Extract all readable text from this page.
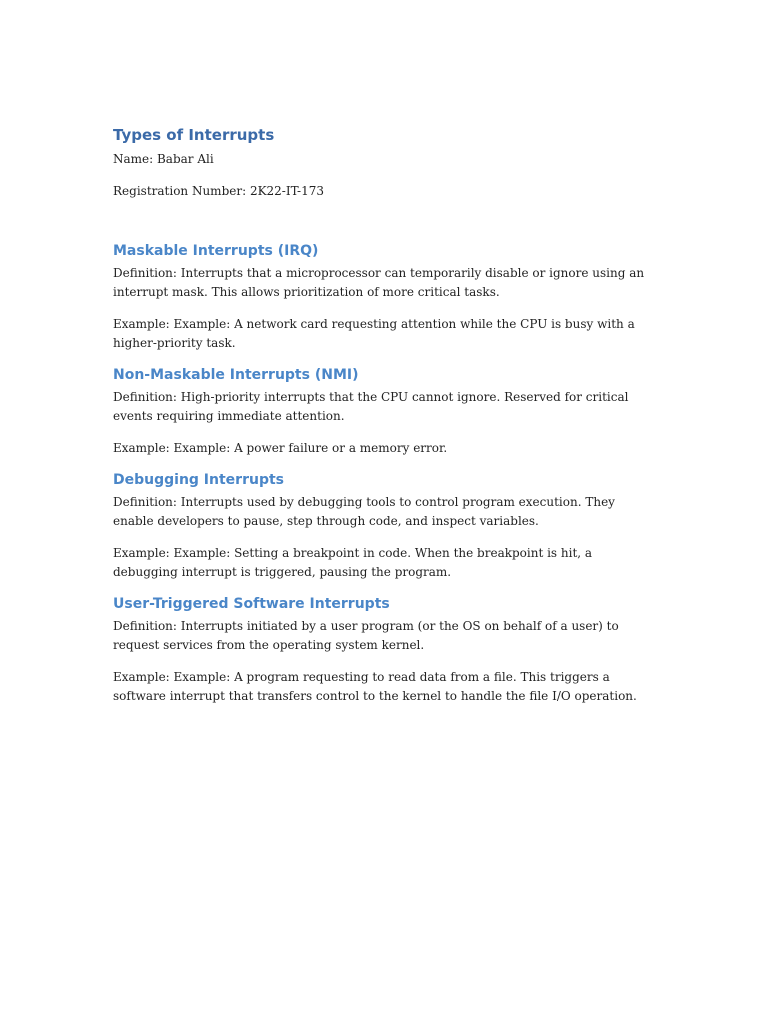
Types of Interrupts

Name: Babar Ali

Registration Number: 2K22-IT-173

Maskable Interrupts (IRQ)

Definition: Interrupts that a microprocessor can temporarily disable or ignore using an interrupt mask. This allows prioritization of more critical tasks.

Example: Example: A network card requesting attention while the CPU is busy with a higher-priority task.

Non-Maskable Interrupts (NMI)

Definition: High-priority interrupts that the CPU cannot ignore. Reserved for critical events requiring immediate attention.

Example: Example: A power failure or a memory error.

Debugging Interrupts

Definition: Interrupts used by debugging tools to control program execution. They enable developers to pause, step through code, and inspect variables.

Example: Example: Setting a breakpoint in code. When the breakpoint is hit, a debugging interrupt is triggered, pausing the program.

User-Triggered Software Interrupts

Definition: Interrupts initiated by a user program (or the OS on behalf of a user) to request services from the operating system kernel.

Example: Example: A program requesting to read data from a file. This triggers a software interrupt that transfers control to the kernel to handle the file I/O operation.
